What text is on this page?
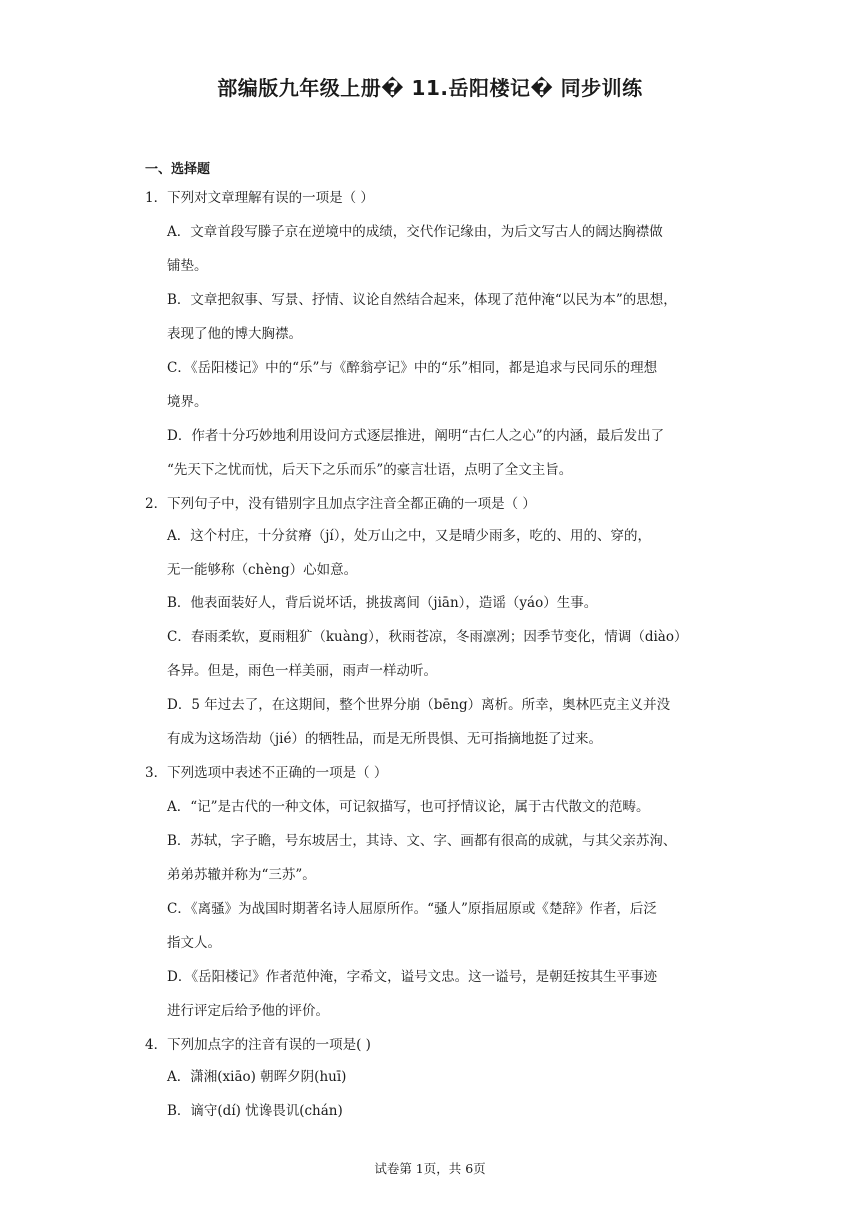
部编版九年级上册� 11.岳阳楼记� 同步训练
一、选择题
1．下列对文章理解有误的一项是（ ）
A．文章首段写滕子京在逆境中的成绩，交代作记缘由，为后文写古人的阔达胸襟做
铺垫。
B．文章把叙事、写景、抒情、议论自然结合起来，体现了范仲淹“以民为本”的思想，
表现了他的博大胸襟。
C．《岳阳楼记》中的“乐”与《醉翁亭记》中的“乐”相同，都是追求与民同乐的理想
境界。
D．作者十分巧妙地利用设问方式逐层推进，阐明“古仁人之心”的内涵，最后发出了
“先天下之忧而忧，后天下之乐而乐”的豪言壮语，点明了全文主旨。
2．下列句子中，没有错别字且加点字注音全都正确的一项是（ ）
A．这个村庄，十分贫瘠（jí），处万山之中，又是晴少雨多，吃的、用的、穿的，
无一能够称（chèng）心如意。
B．他表面装好人，背后说坏话，挑拔离间（jiān），造谣（yáo）生事。
C．春雨柔软，夏雨粗犷（kuàng），秋雨苍凉，冬雨凛冽；因季节变化，情调（diào）
各异。但是，雨色一样美丽，雨声一样动听。
D．5 年过去了，在这期间，整个世界分崩（bēng）离析。所幸，奥林匹克主义并没
有成为这场浩劫（jié）的牺牲品，而是无所畏惧、无可指摘地挺了过来。
3．下列选项中表述不正确的一项是（ ）
A．“记”是古代的一种文体，可记叙描写，也可抒情议论，属于古代散文的范畴。
B．苏轼，字子瞻，号东坡居士，其诗、文、字、画都有很高的成就，与其父亲苏洵、
弟弟苏辙并称为“三苏”。
C．《离骚》为战国时期著名诗人屈原所作。“骚人”原指屈原或《楚辞》作者，后泛
指文人。
D．《岳阳楼记》作者范仲淹，字希文，谥号文忠。这一谥号，是朝廷按其生平事迹
进行评定后给予他的评价。
4．下列加点字的注音有误的一项是( )
A．潇湘(xiāo) 朝晖夕阴(huī)
B．谪守(dí) 忧谗畏讥(chán)
试卷第 1页，共 6页
